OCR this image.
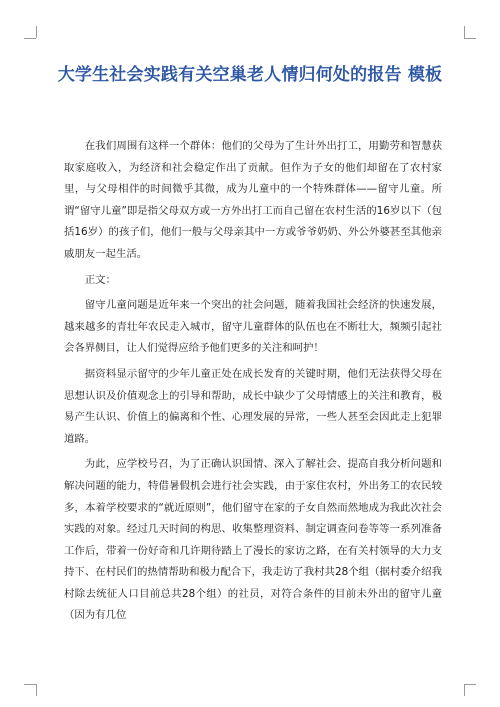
大学生社会实践有关空巢老人情归何处的报告 模板

在我们周围有这样一个群体：他们的父母为了生计外出打工，用勤劳和智慧获取家庭收入，为经济和社会稳定作出了贡献。但作为子女的他们却留在了农村家里，与父母相伴的时间微乎其微，成为儿童中的一个特殊群体——留守儿童。所谓“留守儿童”即是指父母双方或一方外出打工而自己留在农村生活的16岁以下（包括16岁）的孩子们，他们一般与父母亲其中一方或爷爷奶奶、外公外婆甚至其他亲戚朋友一起生活。

正文：

留守儿童问题是近年来一个突出的社会问题，随着我国社会经济的快速发展，越来越多的青壮年农民走入城市，留守儿童群体的队伍也在不断壮大，频频引起社会各界侧目，让人们觉得应给予他们更多的关注和呵护！

据资料显示留守的少年儿童正处在成长发育的关键时期，他们无法获得父母在思想认识及价值观念上的引导和帮助，成长中缺少了父母情感上的关注和教育，极易产生认识、价值上的偏离和个性、心理发展的异常，一些人甚至会因此走上犯罪道路。

为此，应学校号召，为了正确认识国情、深入了解社会、提高自我分析问题和解决问题的能力，特借暑假机会进行社会实践，由于家住农村，外出务工的农民较多，本着学校要求的“就近原则”，他们留守在家的子女自然而然地成为我此次社会实践的对象。经过几天时间的构思、收集整理资料、制定调查问卷等等一系列准备工作后，带着一份好奇和几许期待踏上了漫长的家访之路，在有关村领导的大力支持下、在村民们的热情帮助和极力配合下，我走访了我村共28个组（据村委介绍我村除去统征人口目前总共28个组）的社员，对符合条件的目前未外出的留守儿童（因为有几位
